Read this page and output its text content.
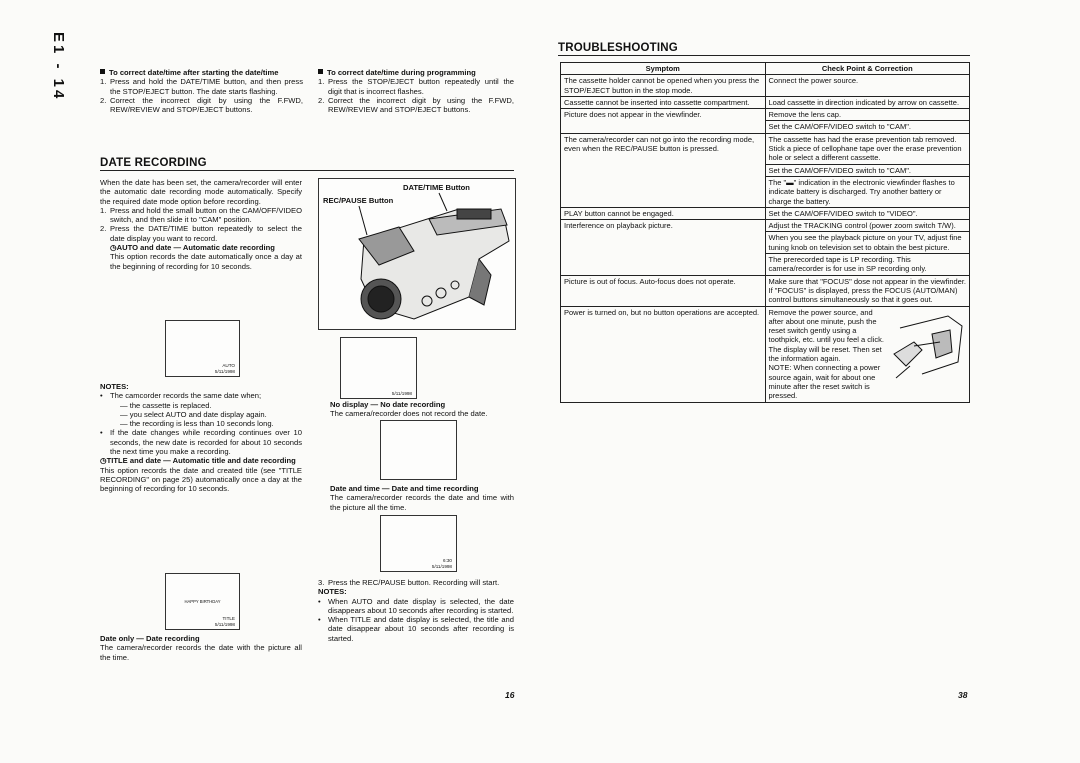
E1 - 14	To correct date/time after starting the date/time

1. Press and hold the DATE/TIME button, and then press the STOP/EJECT button. The date starts flashing.
2. Correct the incorrect digit by using the F.FWD, REW/REVIEW and STOP/EJECT buttons.
DATE RECORDING

When the date has been set, the camera/recorder will enter the automatic date recording mode automatically. Specify the required date mode option before recording.

1. Press and hold the small button on the CAM/OFF/VIDEO switch, and then slide it to "CAM" position.
2. Press the DATE/TIME button repeatedly to select the date display you want to record.

◷AUTO and date — Automatic date recording

This option records the date automatically once a day at the beginning of recording for 10 seconds.

AUTO
5/11/1998

NOTES:

• The camcorder records the same date when;
— the cassette is replaced.
— you select AUTO and date display again.
— the recording is less than 10 seconds long.
• If the date changes while recording continues over 10 seconds, the new date is recorded for about 10 seconds the next time you make a recording.

◷TITLE and date — Automatic title and date recording

This option records the date and created title (see "TITLE RECORDING" on page 25) automatically once a day at the beginning of recording for 10 seconds.

HAPPY BIRTHDAY
TITLE
5/11/1998

Date only — Date recording

The camera/recorder records the date with the picture all the time.

To correct date/time during programming

1. Press the STOP/EJECT button repeatedly until the digit that is incorrect flashes.
2. Correct the incorrect digit by using the F.FWD, REW/REVIEW and STOP/EJECT buttons.
DATE/TIME Button
REC/PAUSE Button
5/11/1998

No display — No date recording

The camera/recorder does not record the date.

Date and time — Date and time recording

The camera/recorder records the date and time with the picture all the time.

6:30
5/11/1998
3. Press the REC/PAUSE button. Recording will start.

NOTES:

• When AUTO and date display is selected, the date disappears about 10 seconds after recording is started.
• When TITLE and date display is selected, the title and date disappear about 10 seconds after recording is started.
16
TROUBLESHOOTING
Symptom	Check Point & Correction
The cassette holder cannot be opened when you press the STOP/EJECT button in the stop mode.	Connect the power source.
Cassette cannot be inserted into cassette compartment.	Load cassette in direction indicated by arrow on cassette.
Picture does not appear in the viewfinder.	Remove the lens cap.
	Set the CAM/OFF/VIDEO switch to "CAM".
The camera/recorder can not go into the recording mode, even when the REC/PAUSE button is pressed.	The cassette has had the erase prevention tab removed. Stick a piece of cellophane tape over the erase prevention hole or select a different cassette.
	Set the CAM/OFF/VIDEO switch to "CAM".
	The "▬" indication in the electronic viewfinder flashes to indicate battery is discharged. Try another battery or charge the battery.
PLAY button cannot be engaged.	Set the CAM/OFF/VIDEO switch to "VIDEO".
Interference on playback picture.	Adjust the TRACKING control (power zoom switch T/W).
	When you see the playback picture on your TV, adjust fine tuning knob on television set to obtain the best picture.
	The prerecorded tape is LP recording. This camera/recorder is for use in SP recording only.
Picture is out of focus. Auto-focus does not operate.	Make sure that "FOCUS" dose not appear in the viewfinder. If "FOCUS" is displayed, press the FOCUS (AUTO/MAN) control buttons simultaneously so that it goes out.
Power is turned on, but no button operations are accepted.	Remove the power source, and after about one minute, push the reset switch gently using a toothpick, etc. until you feel a click. The display will be reset. Then set the information again.
NOTE: When connecting a power source again, wait for about one minute after the reset switch is pressed.
38
